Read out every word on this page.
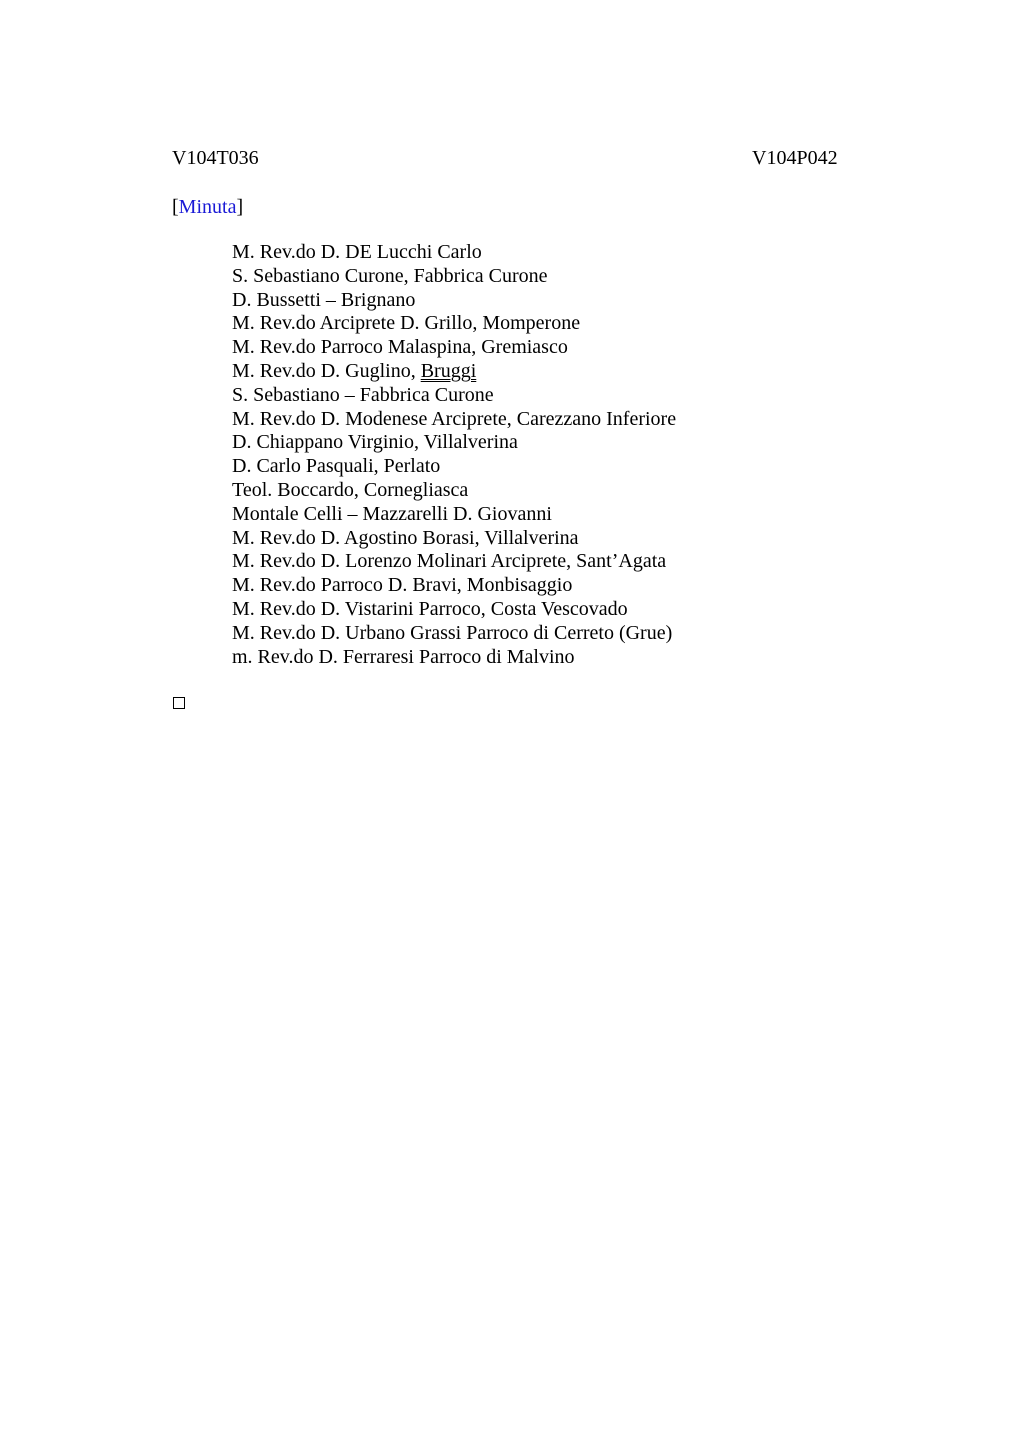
V104T036	V104P042
[Minuta]
M. Rev.do D. DE Lucchi Carlo
S. Sebastiano Curone, Fabbrica Curone
D. Bussetti – Brignano
M. Rev.do Arciprete D. Grillo, Momperone
M. Rev.do Parroco Malaspina, Gremiasco
M. Rev.do D. Guglino, Bruggi
S. Sebastiano – Fabbrica Curone
M. Rev.do D. Modenese Arciprete, Carezzano Inferiore
D. Chiappano Virginio, Villalverina
D. Carlo Pasquali, Perlato
Teol. Boccardo, Cornegliasca
Montale Celli – Mazzarelli D. Giovanni
M. Rev.do D. Agostino Borasi, Villalverina
M. Rev.do D. Lorenzo Molinari Arciprete, Sant’Agata
M. Rev.do Parroco D. Bravi, Monbisaggio
M. Rev.do D. Vistarini Parroco, Costa Vescovado
M. Rev.do D. Urbano Grassi Parroco di Cerreto (Grue)
m. Rev.do D. Ferraresi Parroco di Malvino
